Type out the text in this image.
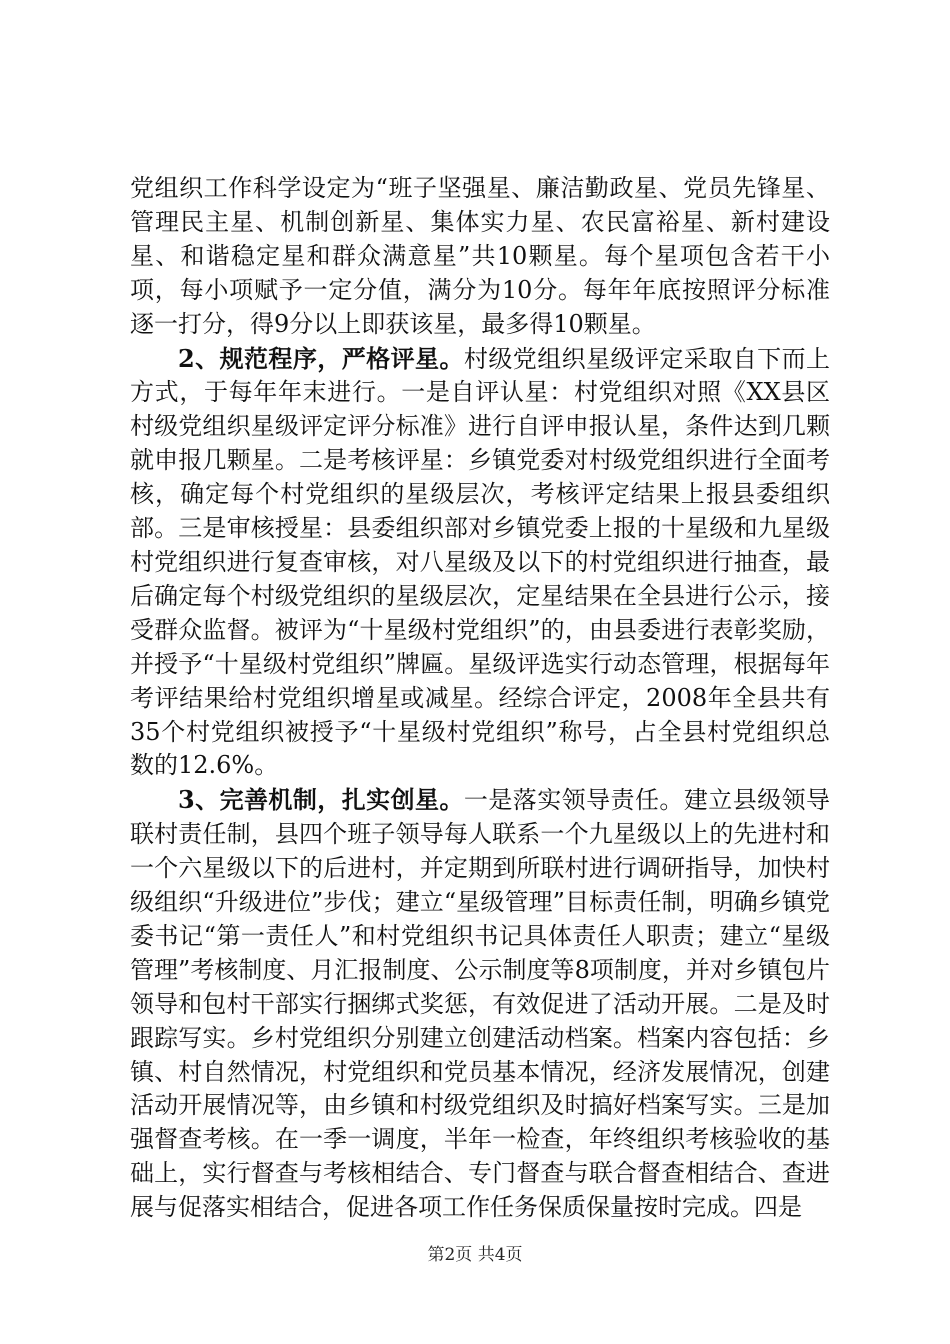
党组织工作科学设定为“班子坚强星、廉洁勤政星、党员先锋星、管理民主星、机制创新星、集体实力星、农民富裕星、新村建设星、和谐稳定星和群众满意星”共10颗星。每个星项包含若干小项，每小项赋予一定分值，满分为10分。每年年底按照评分标准逐一打分，得9分以上即获该星，最多得10颗星。

2、规范程序，严格评星。村级党组织星级评定采取自下而上方式，于每年年末进行。一是自评认星：村党组织对照《XX县区村级党组织星级评定评分标准》进行自评申报认星，条件达到几颗就申报几颗星。二是考核评星：乡镇党委对村级党组织进行全面考核，确定每个村党组织的星级层次，考核评定结果上报县委组织部。三是审核授星：县委组织部对乡镇党委上报的十星级和九星级村党组织进行复查审核，对八星级及以下的村党组织进行抽查，最后确定每个村级党组织的星级层次，定星结果在全县进行公示，接受群众监督。被评为“十星级村党组织”的，由县委进行表彰奖励，并授予“十星级村党组织”牌匾。星级评选实行动态管理，根据每年考评结果给村党组织增星或减星。经综合评定，2008年全县共有35个村党组织被授予“十星级村党组织”称号，占全县村党组织总数的12.6%。

3、完善机制，扎实创星。一是落实领导责任。建立县级领导联村责任制，县四个班子领导每人联系一个九星级以上的先进村和一个六星级以下的后进村，并定期到所联村进行调研指导，加快村级组织“升级进位”步伐；建立“星级管理”目标责任制，明确乡镇党委书记“第一责任人”和村党组织书记具体责任人职责；建立“星级管理”考核制度、月汇报制度、公示制度等8项制度，并对乡镇包片领导和包村干部实行捆绑式奖惩，有效促进了活动开展。二是及时跟踪写实。乡村党组织分别建立创建活动档案。档案内容包括：乡镇、村自然情况，村党组织和党员基本情况，经济发展情况，创建活动开展情况等，由乡镇和村级党组织及时搞好档案写实。三是加强督查考核。在一季一调度，半年一检查，年终组织考核验收的基础上，实行督查与考核相结合、专门督查与联合督查相结合、查进展与促落实相结合，促进各项工作任务保质保量按时完成。四是

第2页 共4页
